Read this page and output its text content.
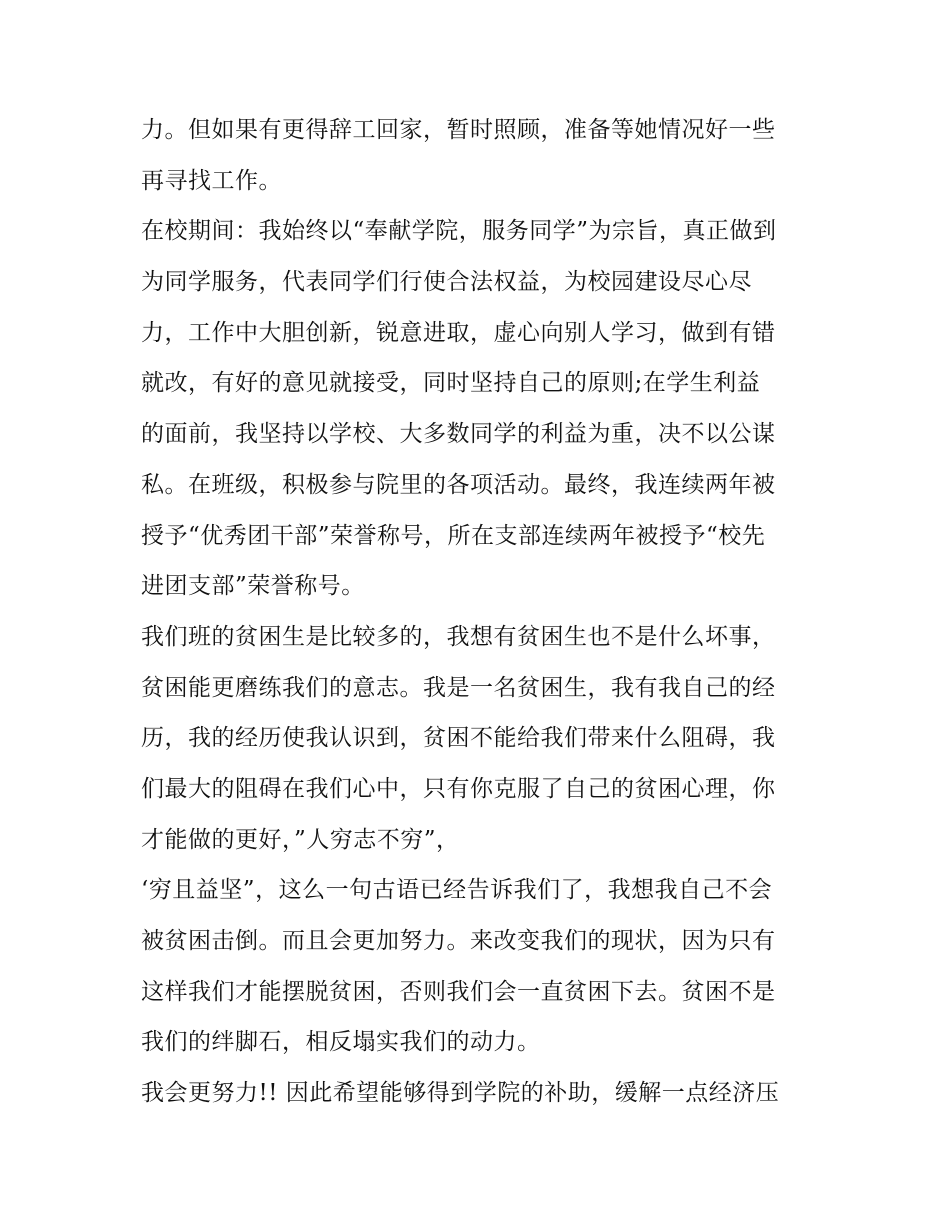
力。但如果有更得辞工回家，暂时照顾，准备等她情况好一些
再寻找工作。
在校期间：我始终以“奉献学院，服务同学”为宗旨，真正做到
为同学服务，代表同学们行使合法权益，为校园建设尽心尽
力，工作中大胆创新，锐意进取，虚心向别人学习，做到有错
就改，有好的意见就接受，同时坚持自己的原则;在学生利益
的面前，我坚持以学校、大多数同学的利益为重，决不以公谋
私。在班级，积极参与院里的各项活动。最终，我连续两年被
授予“优秀团干部”荣誉称号，所在支部连续两年被授予“校先
进团支部”荣誉称号。
我们班的贫困生是比较多的，我想有贫困生也不是什么坏事，
贫困能更磨练我们的意志。我是一名贫困生，我有我自己的经
历，我的经历使我认识到，贫困不能给我们带来什么阻碍，我
们最大的阻碍在我们心中，只有你克服了自己的贫困心理，你
才能做的更好，”人穷志不穷”，
‘穷且益坚”，这么一句古语已经告诉我们了，我想我自己不会
被贫困击倒。而且会更加努力。来改变我们的现状，因为只有
这样我们才能摆脱贫困，否则我们会一直贫困下去。贫困不是
我们的绊脚石，相反塌实我们的动力。
我会更努力!! 因此希望能够得到学院的补助，缓解一点经济压
